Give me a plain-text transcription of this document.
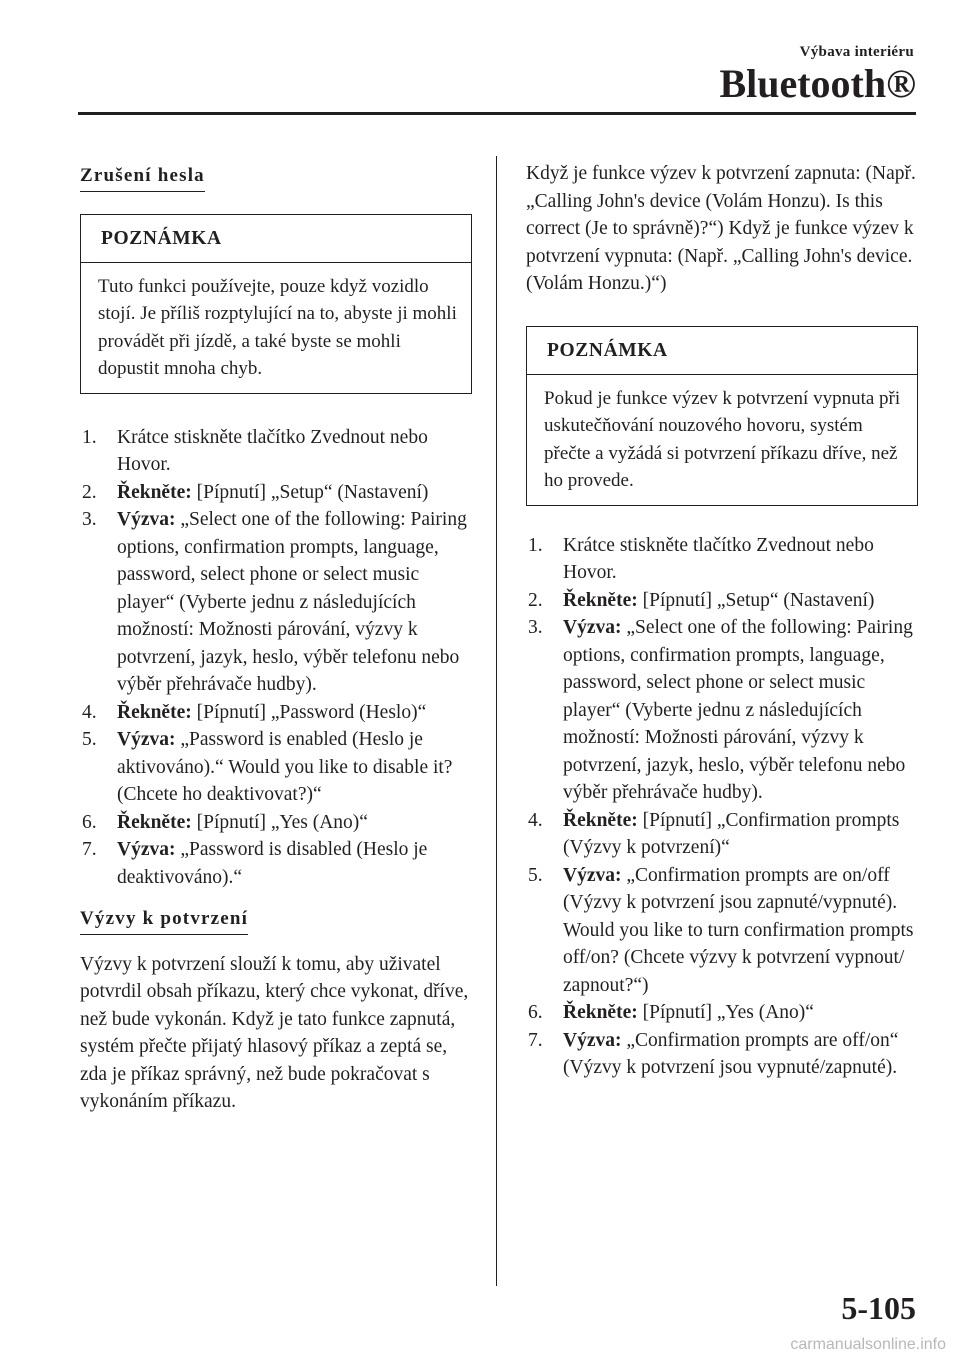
Výbava interiéru
Bluetooth®
Zrušení hesla
POZNÁMKA
Tuto funkci používejte, pouze když vozidlo stojí. Je příliš rozptylující na to, abyste ji mohli provádět při jízdě, a také byste se mohli dopustit mnoha chyb.
1. Krátce stiskněte tlačítko Zvednout nebo Hovor.
2. Řekněte: [Pípnutí] „Setup“ (Nastavení)
3. Výzva: „Select one of the following: Pairing options, confirmation prompts, language, password, select phone or select music player“ (Vyberte jednu z následujících možností: Možnosti párování, výzvy k potvrzení, jazyk, heslo, výběr telefonu nebo výběr přehrávače hudby).
4. Řekněte: [Pípnutí] „Password (Heslo)“
5. Výzva: „Password is enabled (Heslo je aktivováno).“ Would you like to disable it? (Chcete ho deaktivovat?)“
6. Řekněte: [Pípnutí] „Yes (Ano)“
7. Výzva: „Password is disabled (Heslo je deaktivováno).“
Výzvy k potvrzení

Výzvy k potvrzení slouží k tomu, aby uživatel potvrdil obsah příkazu, který chce vykonat, dříve, než bude vykonán. Když je tato funkce zapnutá, systém přečte přijatý hlasový příkaz a zeptá se, zda je příkaz správný, než bude pokračovat s vykonáním příkazu.

Když je funkce výzev k potvrzení zapnuta: (Např. „Calling John's device (Volám Honzu). Is this correct (Je to správně)?“) Když je funkce výzev k potvrzení vypnuta: (Např. „Calling John's device. (Volám Honzu.)“)

POZNÁMKA
Pokud je funkce výzev k potvrzení vypnuta při uskutečňování nouzového hovoru, systém přečte a vyžádá si potvrzení příkazu dříve, než ho provede.
1. Krátce stiskněte tlačítko Zvednout nebo Hovor.
2. Řekněte: [Pípnutí] „Setup“ (Nastavení)
3. Výzva: „Select one of the following: Pairing options, confirmation prompts, language, password, select phone or select music player“ (Vyberte jednu z následujících možností: Možnosti párování, výzvy k potvrzení, jazyk, heslo, výběr telefonu nebo výběr přehrávače hudby).
4. Řekněte: [Pípnutí] „Confirmation prompts (Výzvy k potvrzení)“
5. Výzva: „Confirmation prompts are on/off (Výzvy k potvrzení jsou zapnuté/vypnuté). Would you like to turn confirmation prompts off/on? (Chcete výzvy k potvrzení vypnout/ zapnout?“)
6. Řekněte: [Pípnutí] „Yes (Ano)“
7. Výzva: „Confirmation prompts are off/on“ (Výzvy k potvrzení jsou vypnuté/zapnuté).
5-105
carmanualsonline.info
